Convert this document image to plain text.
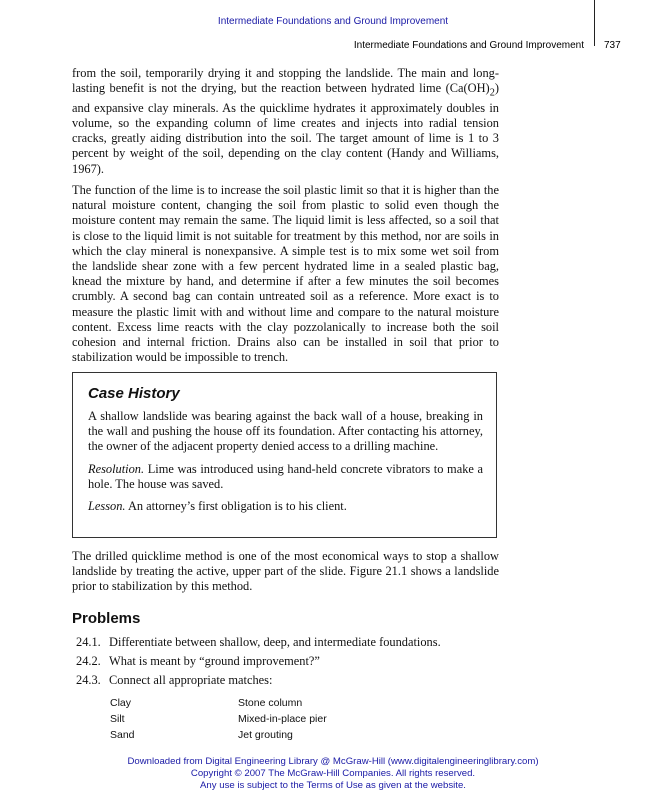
Intermediate Foundations and Ground Improvement
Intermediate Foundations and Ground Improvement 737

from the soil, temporarily drying it and stopping the landslide. The main and long-lasting benefit is not the drying, but the reaction between hydrated lime $(Ca(OH)_2)$ and expansive clay minerals. As the quicklime hydrates it approximately doubles in volume, so the expanding column of lime creates and injects into radial tension cracks, greatly aiding distribution into the soil. The target amount of lime is 1 to 3 percent by weight of the soil, depending on the clay content (Handy and Williams, 1967).

The function of the lime is to increase the soil plastic limit so that it is higher than the natural moisture content, changing the soil from plastic to solid even though the moisture content may remain the same. The liquid limit is less affected, so a soil that is close to the liquid limit is not suitable for treatment by this method, nor are soils in which the clay mineral is nonexpansive. A simple test is to mix some wet soil from the landslide shear zone with a few percent hydrated lime in a sealed plastic bag, knead the mixture by hand, and determine if after a few minutes the soil becomes crumbly. A second bag can contain untreated soil as a reference. More exact is to measure the plastic limit with and without lime and compare to the natural moisture content. Excess lime reacts with the clay pozzolanically to increase both the soil cohesion and internal friction. Drains also can be installed in soil that prior to stabilization would be impossible to trench.

Case History

A shallow landslide was bearing against the back wall of a house, breaking in the wall and pushing the house off its foundation. After contacting his attorney, the owner of the adjacent property denied access to a drilling machine.

Resolution. Lime was introduced using hand-held concrete vibrators to make a hole. The house was saved.

Lesson. An attorney’s first obligation is to his client.

The drilled quicklime method is one of the most economical ways to stop a shallow landslide by treating the active, upper part of the slide. Figure 21.1 shows a landslide prior to stabilization by this method.

Problems
24.1. Differentiate between shallow, deep, and intermediate foundations.
24.2. What is meant by “ground improvement?”
24.3. Connect all appropriate matches:
Clay	Stone column
Silt	Mixed-in-place pier
Sand	Jet grouting
Downloaded from Digital Engineering Library @ McGraw-Hill (www.digitalengineeringlibrary.com)
Copyright © 2007 The McGraw-Hill Companies. All rights reserved.
Any use is subject to the Terms of Use as given at the website.
